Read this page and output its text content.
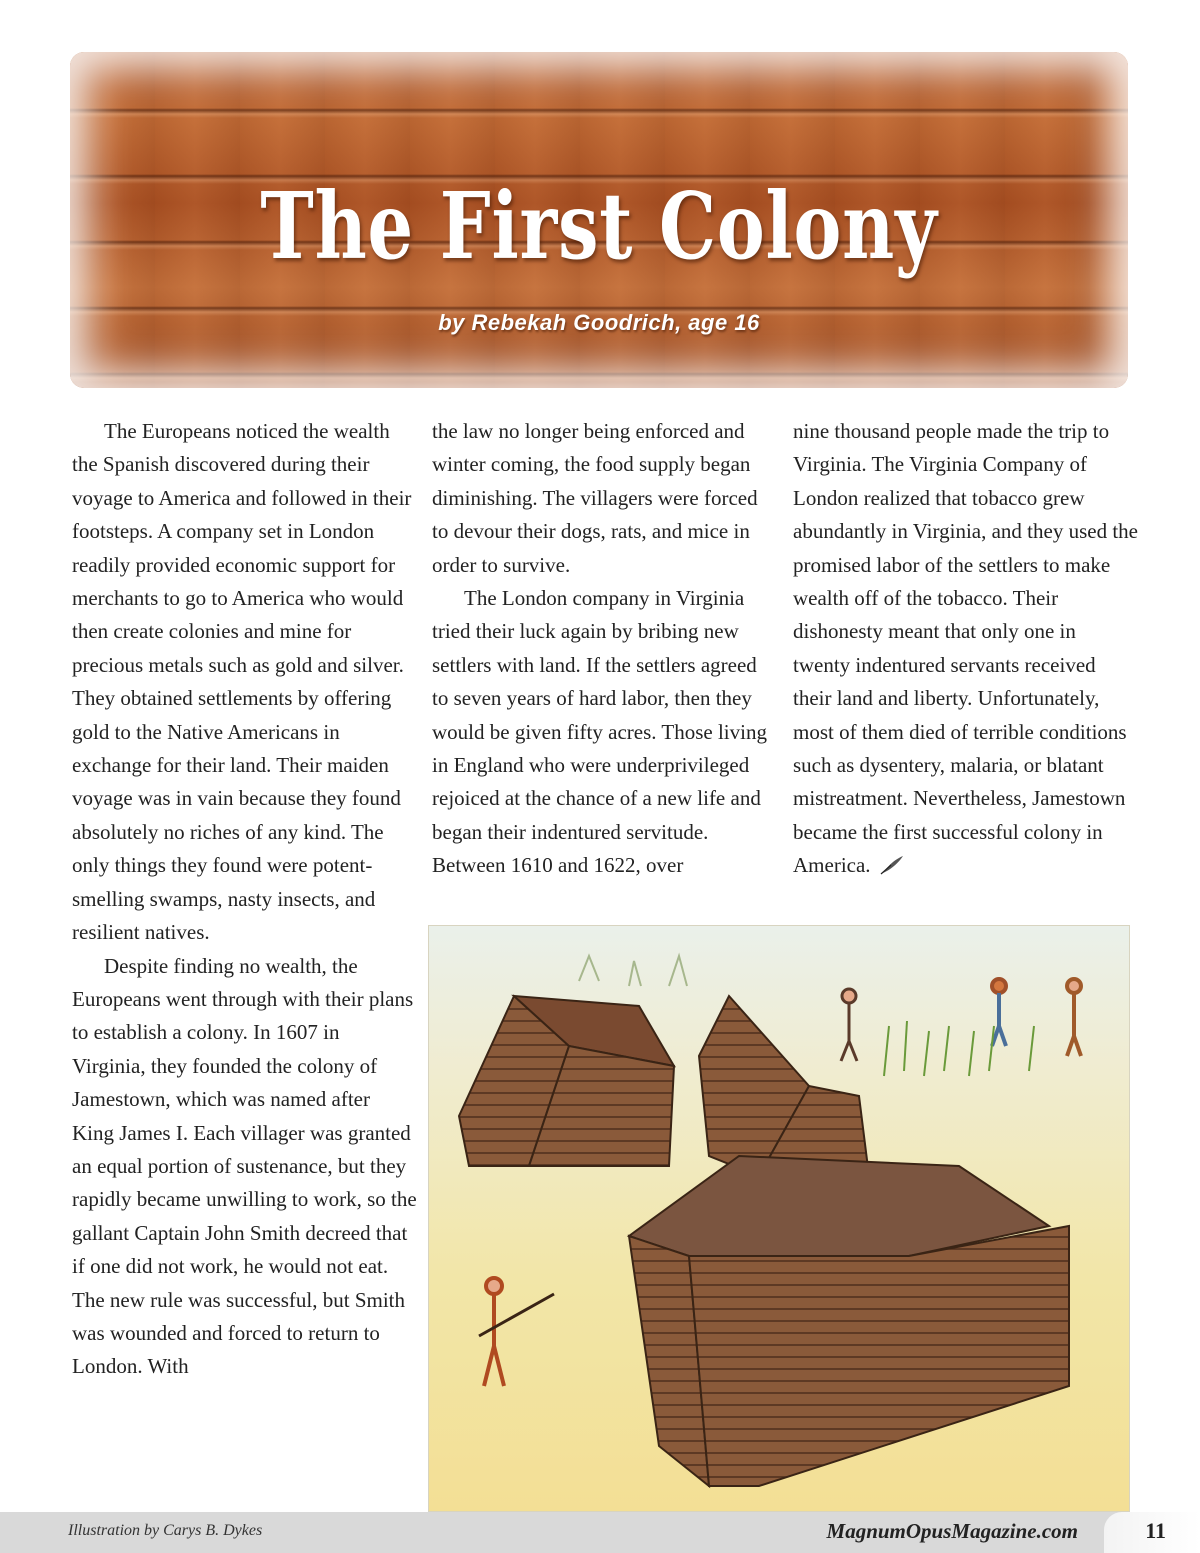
The First Colony
by Rebekah Goodrich, age 16

The Europeans noticed the wealth the Spanish discovered during their voyage to America and followed in their footsteps. A company set in London readily provided economic support for merchants to go to America who would then create colonies and mine for precious metals such as gold and silver. They obtained settlements by offering gold to the Native Americans in exchange for their land. Their maiden voyage was in vain because they found absolutely no riches of any kind. The only things they found were potent-smelling swamps, nasty insects, and resilient natives.

Despite finding no wealth, the Europeans went through with their plans to establish a colony. In 1607 in Virginia, they founded the colony of Jamestown, which was named after King James I. Each villager was granted an equal portion of sustenance, but they rapidly became unwilling to work, so the gallant Captain John Smith decreed that if one did not work, he would not eat. The new rule was successful, but Smith was wounded and forced to return to London. With

the law no longer being enforced and winter coming, the food supply began diminishing. The villagers were forced to devour their dogs, rats, and mice in order to survive.

The London company in Virginia tried their luck again by bribing new settlers with land. If the settlers agreed to seven years of hard labor, then they would be given fifty acres. Those living in England who were underprivileged rejoiced at the chance of a new life and began their indentured servitude. Between 1610 and 1622, over

nine thousand people made the trip to Virginia. The Virginia Company of London realized that tobacco grew abundantly in Virginia, and they used the promised labor of the settlers to make wealth off of the tobacco. Their dishonesty meant that only one in twenty indentured servants received their land and liberty. Unfortunately, most of them died of terrible conditions such as dysentery, malaria, or blatant mistreatment. Nevertheless, Jamestown became the first successful colony in America.

Illustration by Carys B. Dykes	MagnumOpusMagazine.com	11
